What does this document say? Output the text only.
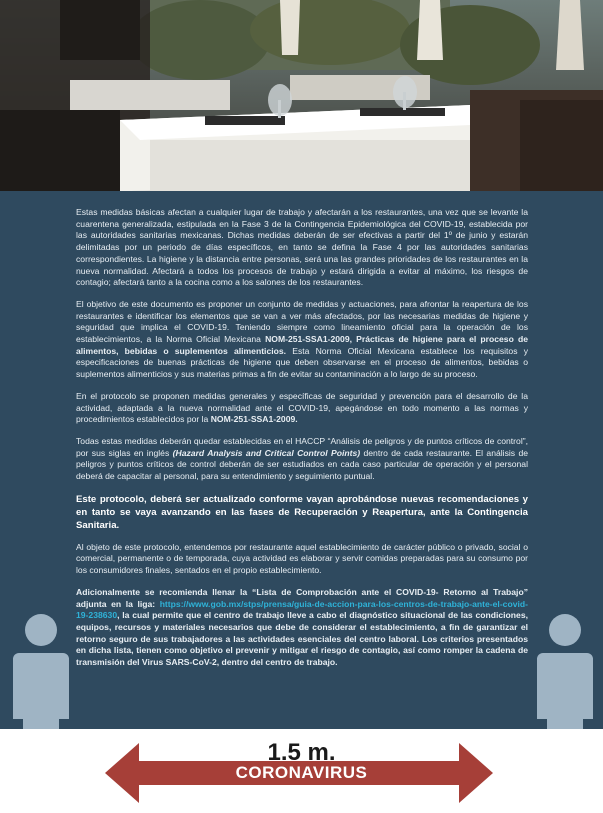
Estas medidas básicas afectan a cualquier lugar de trabajo y afectarán a los restaurantes, una vez que se levante la cuarentena generalizada, estipulada en la Fase 3 de la Contingencia Epidemiológica del COVID-19, establecida por las autoridades sanitarias mexicanas. Dichas medidas deberán de ser efectivas a partir del 1º de junio y estarán delimitadas por un periodo de días específicos, en tanto se defina la Fase 4 por las autoridades sanitarias correspondientes. La higiene y la distancia entre personas, será una las grandes prioridades de los restaurantes en la nueva normalidad. Afectará a todos los procesos de trabajo y estará dirigida a evitar al máximo, los riesgos de contagio; afectará tanto a la cocina como a los salones de los restaurantes.

El objetivo de este documento es proponer un conjunto de medidas y actuaciones, para afrontar la reapertura de los restaurantes e identificar los elementos que se van a ver más afectados, por las necesarias medidas de higiene y seguridad que implica el COVID-19. Teniendo siempre como lineamiento oficial para la operación de los establecimientos, a la Norma Oficial Mexicana NOM-251-SSA1-2009, Prácticas de higiene para el proceso de alimentos, bebidas o suplementos alimenticios. Esta Norma Oficial Mexicana establece los requisitos y especificaciones de buenas prácticas de higiene que deben observarse en el proceso de alimentos, bebidas o suplementos alimenticios y sus materias primas a fin de evitar su contaminación a lo largo de su proceso.

En el protocolo se proponen medidas generales y específicas de seguridad y prevención para el desarrollo de la actividad, adaptada a la nueva normalidad ante el COVID-19, apegándose en todo momento a las normas y procedimientos establecidos por la NOM-251-SSA1-2009.

Todas estas medidas deberán quedar establecidas en el HACCP “Análisis de peligros y de puntos críticos de control”, por sus siglas en inglés (Hazard Analysis and Critical Control Points) dentro de cada restaurante. El análisis de peligros y puntos críticos de control deberán de ser estudiados en cada caso particular de operación y el personal deberá de capacitar al personal, para su entendimiento y seguimiento puntual.

Este protocolo, deberá ser actualizado conforme vayan aprobándose nuevas recomendaciones y en tanto se vaya avanzando en las fases de Recuperación y Reapertura, ante la Contingencia Sanitaria.

Al objeto de este protocolo, entendemos por restaurante aquel establecimiento de carácter público o privado, social o comercial, permanente o de temporada, cuya actividad es elaborar y servir comidas preparadas para su consumo por los consumidores finales, sentados en el propio establecimiento.

Adicionalmente se recomienda llenar la “Lista de Comprobación ante el COVID-19- Retorno al Trabajo” adjunta en la liga: https://www.gob.mx/stps/prensa/guia-de-accion-para-los-centros-de-trabajo-ante-el-covid-19-238630, la cual permite que el centro de trabajo lleve a cabo el diagnóstico situacional de las condiciones, equipos, recursos y materiales necesarios que debe de considerar el establecimiento, a fin de garantizar el retorno seguro de sus trabajadores a las actividades esenciales del centro laboral. Los criterios presentados en dicha lista, tienen como objetivo el prevenir y mitigar el riesgo de contagio, así como romper la cadena de transmisión del Virus SARS-CoV-2, dentro del centro de trabajo.

1.5 m.
CORONAVIRUS
